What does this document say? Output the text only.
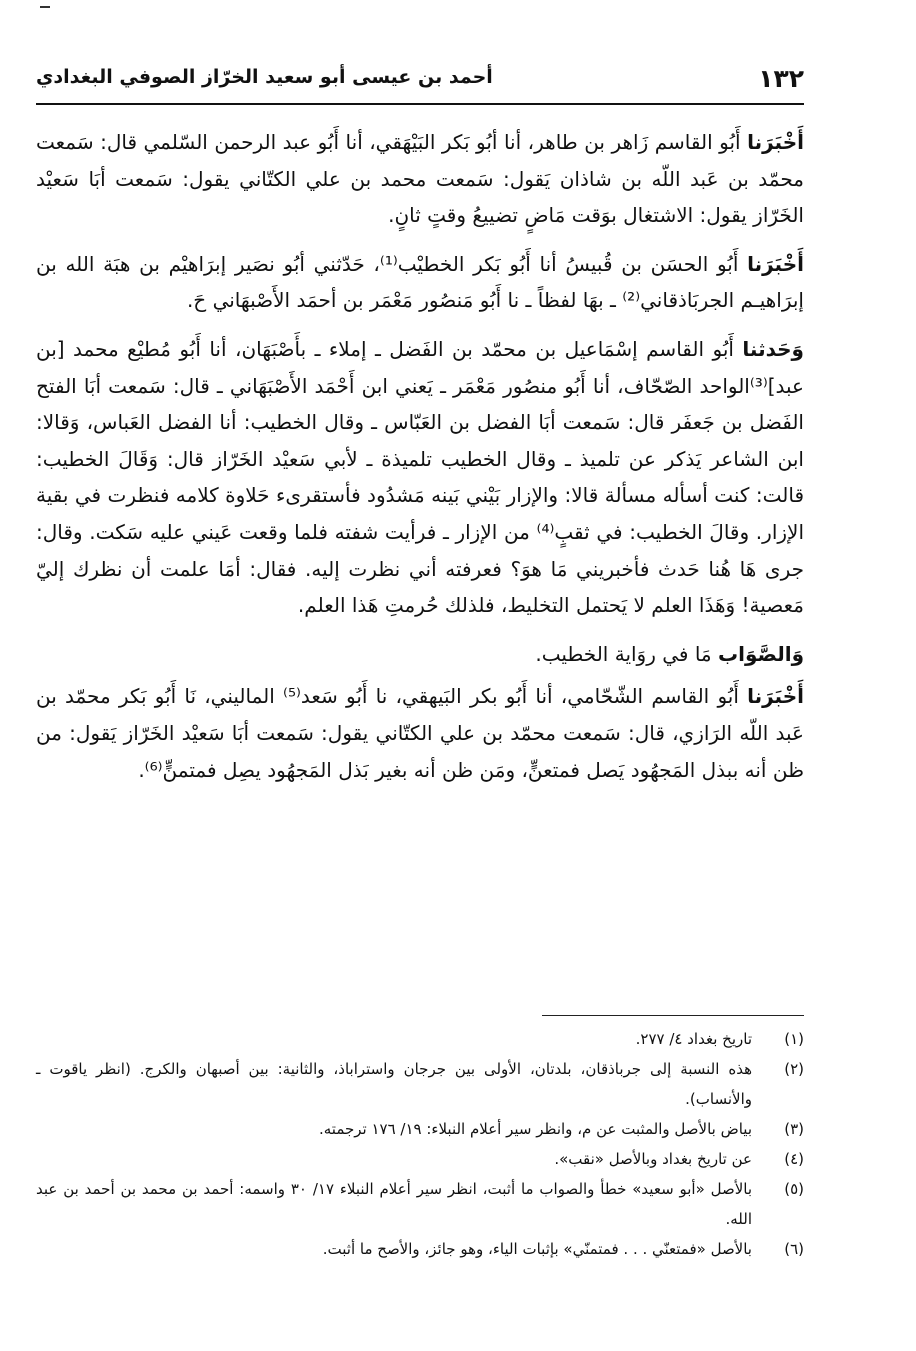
١٣٢
أحمد بن عيسى أبو سعيد الخرّاز الصوفي البغدادي

أَخْبَرَنا أَبُو القاسم زَاهر بن طاهر، أنا أبُو بَكر البَيْهَقي، أنا أَبُو عبد الرحمن السّلمي قال: سَمعت محمّد بن عَبد اللّه بن شاذان يَقول: سَمعت محمد بن علي الكتّاني يقول: سَمعت أبَا سَعيْد الخَرّاز يقول: الاشتغال بوَقت مَاضٍ تضييعُ وقتٍ ثانٍ.

أَخْبَرَنا أَبُو الحسَن بن قُبيسُ أنا أَبُو بَكر الخطيْب⁽¹⁾، حَدّثني أبُو نصَير إبرَاهيْم بن هبَة الله بن إبرَاهيـم الجربَاذقاني⁽²⁾ ـ بهَا لفظاً ـ نا أَبُو مَنصُور مَعْمَر بن أحمَد الأَصْبهَاني حَ.

وَحَدثنا أَبُو القاسم إسْمَاعيل بن محمّد بن الفَضل ـ إملاء ـ بأَصْبَهَان، أنا أَبُو مُطيْع محمد [بن عبد]⁽³⁾الواحد الصّحّاف، أنا أَبُو منصُور مَعْمَر ـ يَعني ابن أَحْمَد الأَصْبَهَاني ـ قال: سَمعت أبَا الفتح الفَضل بن جَعفَر قال: سَمعت أبَا الفضل بن العَبّاس ـ وقال الخطيب: أنا الفضل العَباس، وَقالا: ابن الشاعر يَذكر عن تلميذ ـ وقال الخطيب تلميذة ـ لأبي سَعيْد الخَرّاز قال: وَقَالَ الخطيب: قالت: كنت أسأله مسألة قالا: والإزار بَيْني بَينه مَشدُود فأستقرىء حَلاوة كلامه فنظرت في بقية الإزار. وقالَ الخطيب: في ثقبٍ⁽⁴⁾ من الإزار ـ فرأيت شفته فلما وقعت عَيني عليه سَكت. وقال: جرى هَا هُنا حَدث فأخبريني مَا هوَ؟ فعرفته أني نظرت إليه. فقال: أمَا علمت أن نظرك إليّ مَعصية! وَهَذَا العلم لا يَحتمل التخليط، فلذلك حُرمتِ هَذا العلم.

وَالصَّوَاب مَا في روَاية الخطيب.

أَخْبَرَنا أَبُو القاسم الشّحّامي، أنا أَبُو بكر البَيهقي، نا أَبُو سَعد⁽⁵⁾ الماليني، نَا أَبُو بَكر محمّد بن عَبد اللّه الرَازي، قال: سَمعت محمّد بن علي الكتّاني يقول: سَمعت أبَا سَعيْد الخَرّاز يَقول: من ظن أنه ببذل المَجهُود يَصل فمتعنٍّ، ومَن ظن أنه بغير بَذل المَجهُود يصِل فمتمنٍّ⁽⁶⁾.

(١)
تاريخ بغداد ٤/ ٢٧٧.
(٢)
هذه النسبة إلى جرباذقان، بلدتان، الأولى بين جرجان واستراباذ، والثانية: بين أصبهان والكرج. (انظر ياقوت ـ والأنساب).
(٣)
بياض بالأصل والمثبت عن م، وانظر سير أعلام النبلاء: ١٩/ ١٧٦ ترجمته.
(٤)
عن تاريخ بغداد وبالأصل «نقب».
(٥)
بالأصل «أبو سعيد» خطأ والصواب ما أثبت، انظر سير أعلام النبلاء ١٧/ ٣٠ واسمه: أحمد بن محمد بن أحمد بن عبد الله.
(٦)
بالأصل «فمتعنّي . . . فمتمنّي» بإثبات الياء، وهو جائز، والأصح ما أثبت.
